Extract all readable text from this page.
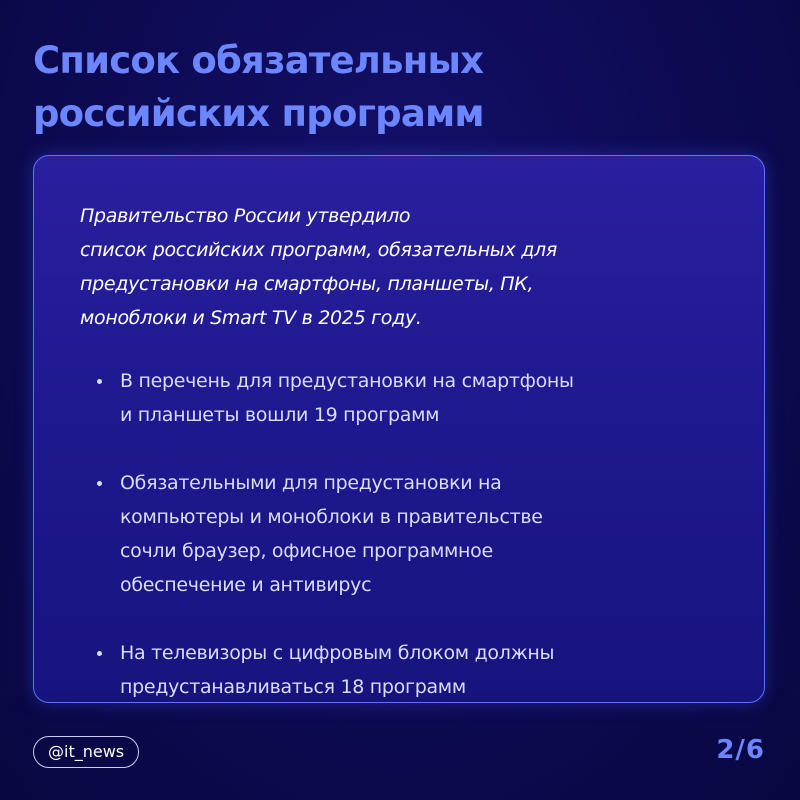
Список обязательных
российских программ

Правительство России утвердило
список российских программ, обязательных для
предустановки на смартфоны, планшеты, ПК,
моноблоки и Smart TV в 2025 году.

В перечень для предустановки на смартфоны
и планшеты вошли 19 программ
Обязательными для предустановки на
компьютеры и моноблоки в правительстве
сочли браузер, офисное программное
обеспечение и антивирус
На телевизоры с цифровым блоком должны
предустанавливаться 18 программ
@it_news	2/6
